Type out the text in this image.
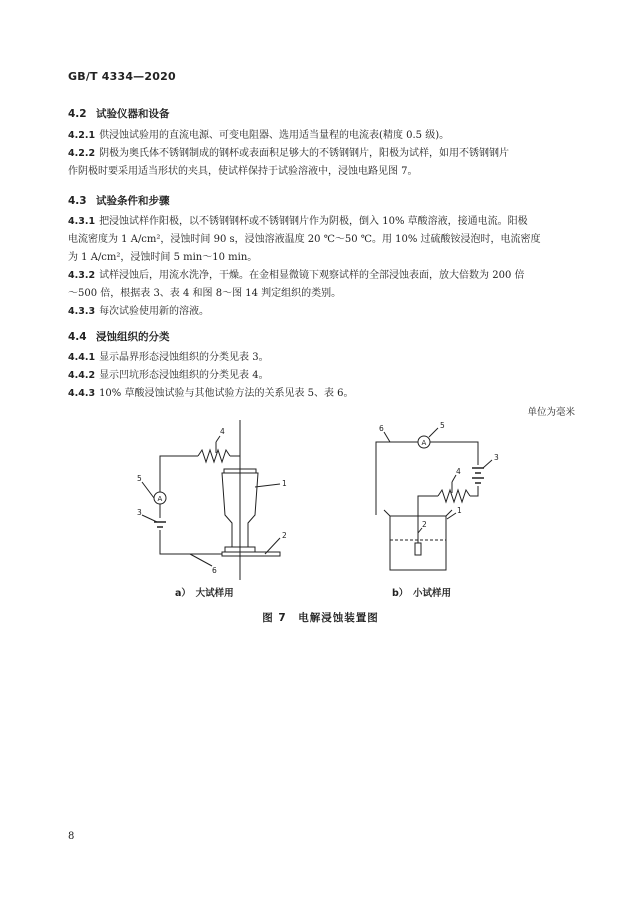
GB/T 4334—2020
4.2 试验仪器和设备
4.2.1 供浸蚀试验用的直流电源、可变电阻器、选用适当量程的电流表(精度 0.5 级)。
4.2.2 阴极为奥氏体不锈钢制成的钢杯或表面积足够大的不锈钢钢片，阳极为试样，如用不锈钢钢片
作阴极时要采用适当形状的夹具，使试样保持于试验溶液中，浸蚀电路见图 7。
4.3 试验条件和步骤
4.3.1 把浸蚀试样作阳极，以不锈钢钢杯或不锈钢钢片作为阴极，倒入 10% 草酸溶液，接通电流。阳极
电流密度为 1 A/cm²，浸蚀时间 90 s，浸蚀溶液温度 20 ℃～50 ℃。用 10% 过硫酸铵浸泡时，电流密度
为 1 A/cm²，浸蚀时间 5 min～10 min。
4.3.2 试样浸蚀后，用流水洗净，干燥。在金相显微镜下观察试样的全部浸蚀表面，放大倍数为 200 倍
～500 倍，根据表 3、表 4 和图 8～图 14 判定组织的类别。
4.3.3 每次试验使用新的溶液。
4.4 浸蚀组织的分类
4.4.1 显示晶界形态浸蚀组织的分类见表 3。
4.4.2 显示凹坑形态浸蚀组织的分类见表 4。
4.4.3 10% 草酸浸蚀试验与其他试验方法的关系见表 5、表 6。
单位为毫米
A
4
1
2
6
5
3
A
5
3
4
1
2
6
a）　大试样用	b）　小试样用
图 7　电解浸蚀装置图
8
